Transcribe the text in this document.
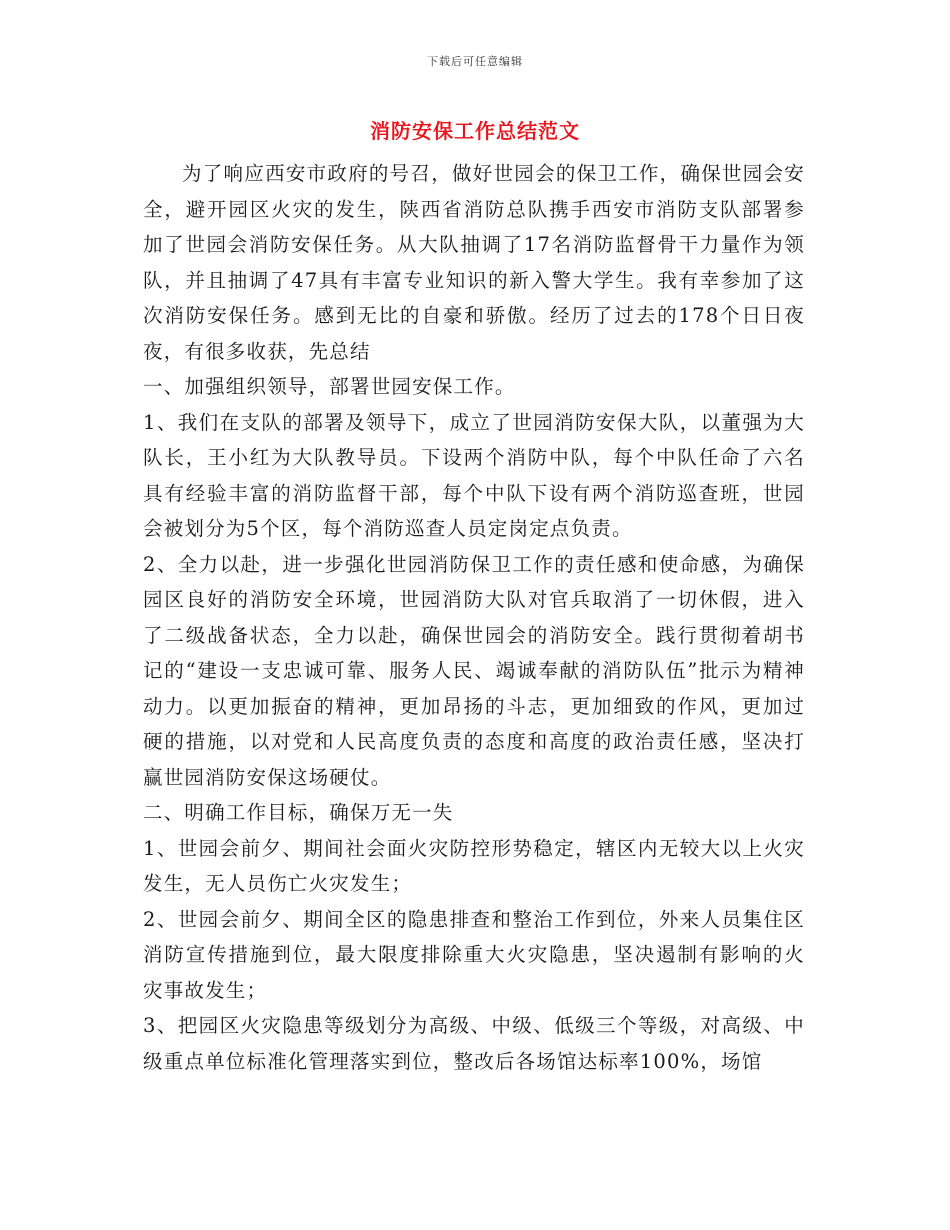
下载后可任意编辑
消防安保工作总结范文

为了响应西安市政府的号召，做好世园会的保卫工作，确保世园会安全，避开园区火灾的发生，陕西省消防总队携手西安市消防支队部署参加了世园会消防安保任务。从大队抽调了17名消防监督骨干力量作为领队，并且抽调了47具有丰富专业知识的新入警大学生。我有幸参加了这次消防安保任务。感到无比的自豪和骄傲。经历了过去的178个日日夜夜，有很多收获，先总结

一、加强组织领导，部署世园安保工作。

1、我们在支队的部署及领导下，成立了世园消防安保大队，以董强为大队长，王小红为大队教导员。下设两个消防中队，每个中队任命了六名具有经验丰富的消防监督干部，每个中队下设有两个消防巡查班，世园会被划分为5个区，每个消防巡查人员定岗定点负责。

2、全力以赴，进一步强化世园消防保卫工作的责任感和使命感，为确保园区良好的消防安全环境，世园消防大队对官兵取消了一切休假，进入了二级战备状态，全力以赴，确保世园会的消防安全。践行贯彻着胡书记的“建设一支忠诚可靠、服务人民、竭诚奉献的消防队伍”批示为精神动力。以更加振奋的精神，更加昂扬的斗志，更加细致的作风，更加过硬的措施，以对党和人民高度负责的态度和高度的政治责任感，坚决打赢世园消防安保这场硬仗。

二、明确工作目标，确保万无一失

1、世园会前夕、期间社会面火灾防控形势稳定，辖区内无较大以上火灾发生，无人员伤亡火灾发生；

2、世园会前夕、期间全区的隐患排查和整治工作到位，外来人员集住区消防宣传措施到位，最大限度排除重大火灾隐患，坚决遏制有影响的火灾事故发生；

3、把园区火灾隐患等级划分为高级、中级、低级三个等级，对高级、中级重点单位标准化管理落实到位，整改后各场馆达标率100%，场馆
